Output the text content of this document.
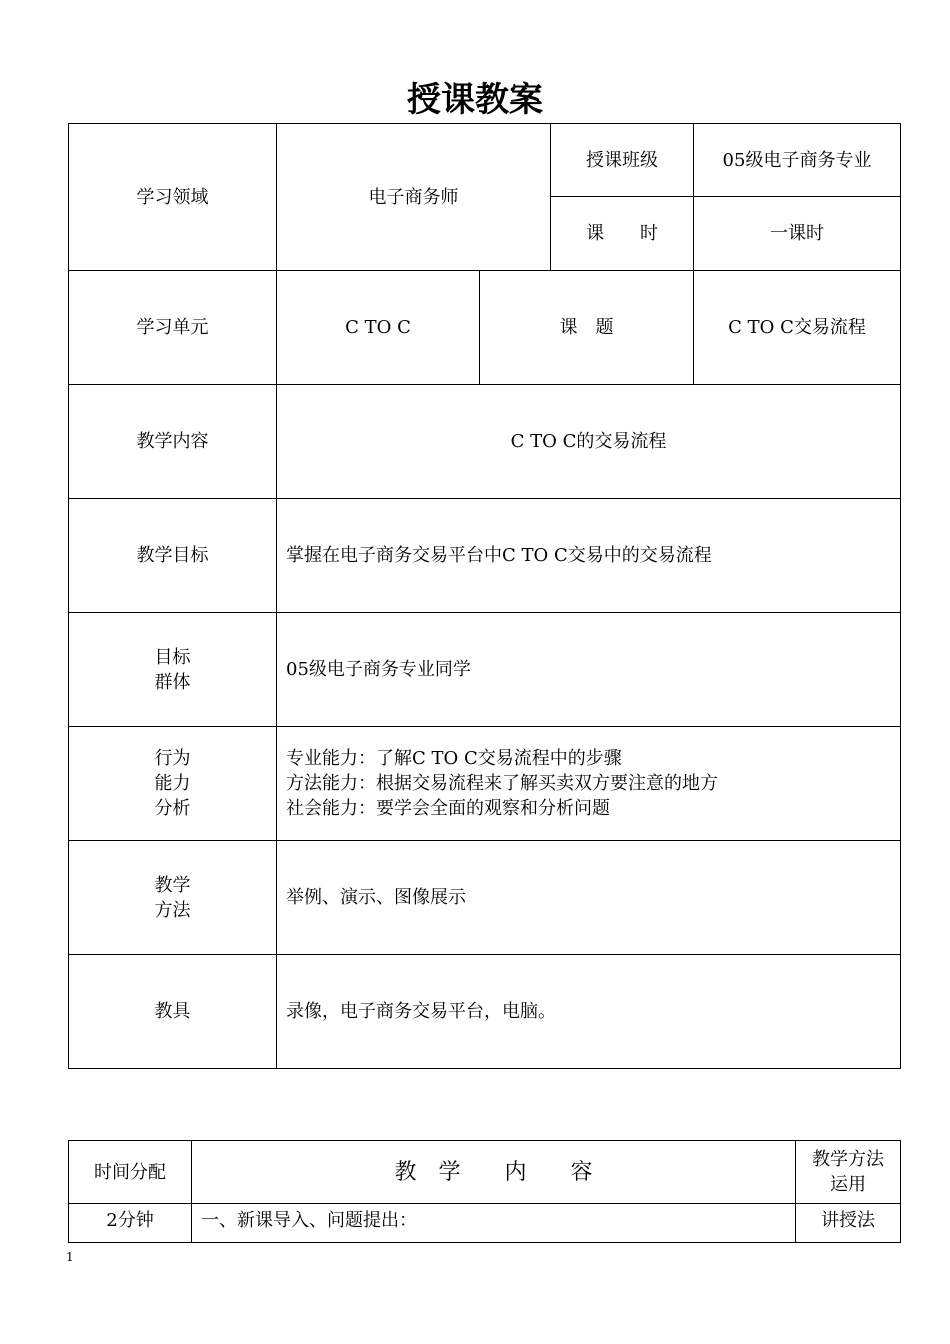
授课教案
学习领域	电子商务师		授课班级	05级电子商务专业
			课　　时	一课时
学习单元	C TO C	课　题		C TO C交易流程
教学内容	C TO C的交易流程			
教学目标	掌握在电子商务交易平台中C TO C交易中的交易流程			

目标
群体	05级电子商务专业同学			

行为
能力
分析	专业能力：了解C TO C交易流程中的步骤
方法能力：根据交易流程来了解买卖双方要注意的地方
社会能力：要学会全面的观察和分析问题			

教学
方法	举例、演示、图像展示			
教具	录像，电子商务交易平台，电脑。			
时间分配	教　学　　内　　容	教学方法
运用

2分钟	一、新课导入、问题提出：	讲授法
1
